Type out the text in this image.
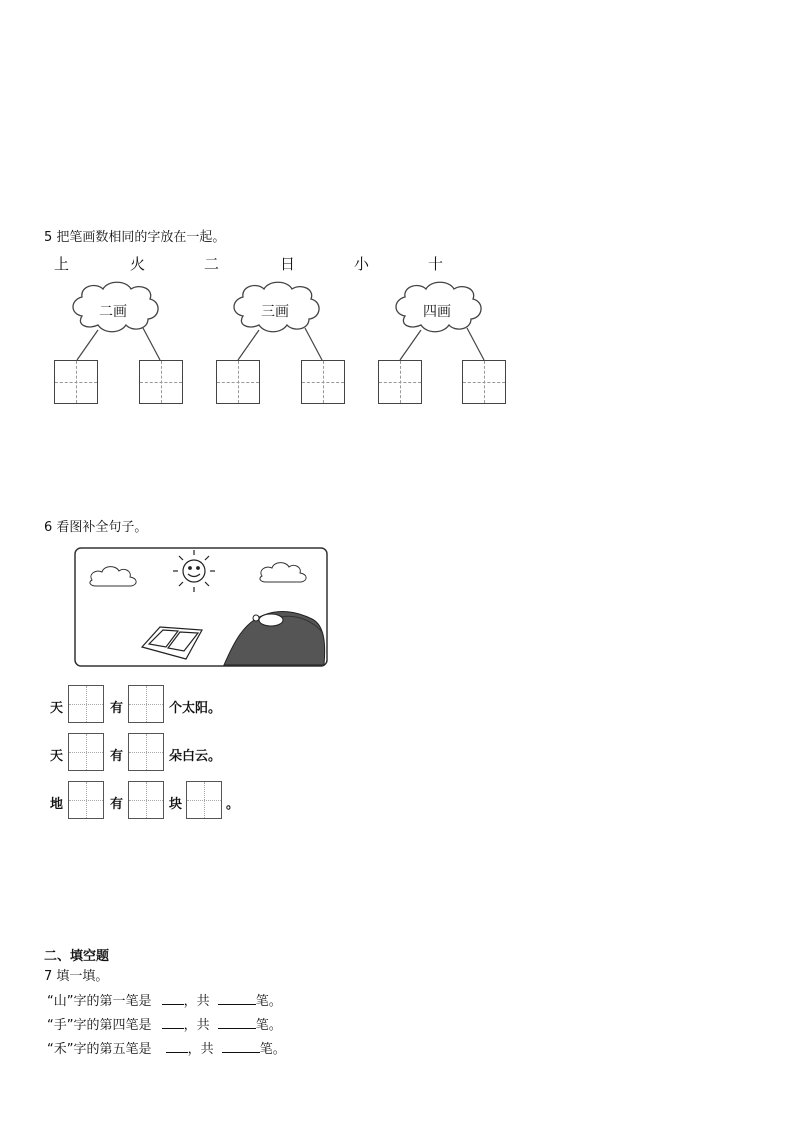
5 把笔画数相同的字放在一起。
上	火	二	日	小	十
二画	三画	四画
6 看图补全句子。
天	有	个太阳。
天	有	朵白云。
地	有	块	。
二、填空题
7 填一填。
“山”字的第一笔是 ，共	笔。
“手”字的第四笔是 ，共	笔。
“禾”字的第五笔是	，共	笔。
